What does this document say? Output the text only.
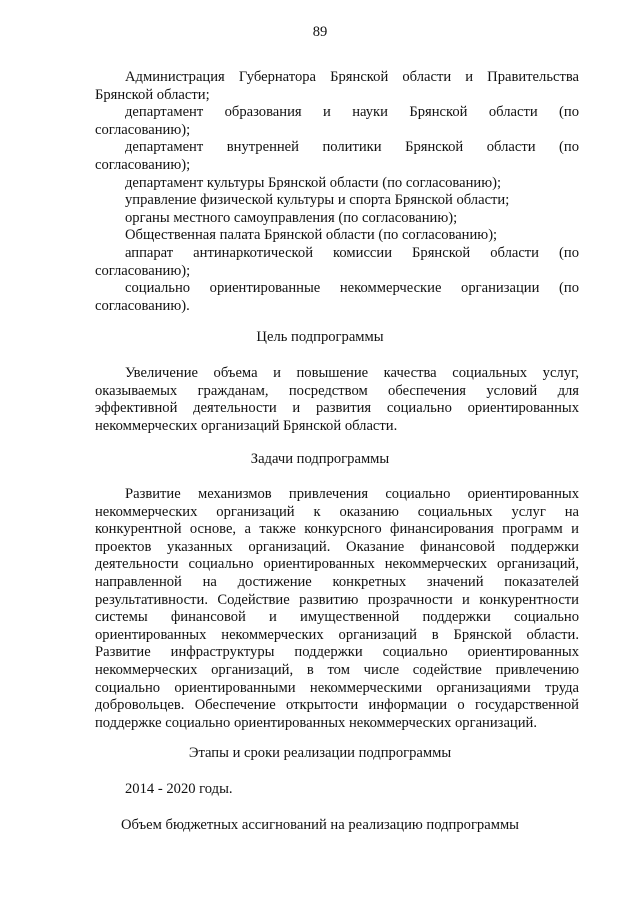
89
Администрация Губернатора Брянской области и Правительства
Брянской области;
департамент образования и науки Брянской области (по
согласованию);
департамент внутренней политики Брянской области (по
согласованию);
департамент культуры Брянской области (по согласованию);
управление физической культуры и спорта Брянской области;
органы местного самоуправления (по согласованию);
Общественная палата Брянской области (по согласованию);
аппарат антинаркотической комиссии Брянской области (по
согласованию);
социально ориентированные некоммерческие организации (по
согласованию).
Цель подпрограммы
Увеличение объема и повышение качества социальных услуг,
оказываемых гражданам, посредством обеспечения условий для
эффективной деятельности и развития социально ориентированных
некоммерческих организаций Брянской области.
Задачи подпрограммы
Развитие механизмов привлечения социально ориентированных
некоммерческих организаций к оказанию социальных услуг на
конкурентной основе, а также конкурсного финансирования программ и
проектов указанных организаций. Оказание финансовой поддержки
деятельности социально ориентированных некоммерческих организаций,
направленной на достижение конкретных значений показателей
результативности. Содействие развитию прозрачности и конкурентности
системы финансовой и имущественной поддержки социально
ориентированных некоммерческих организаций в Брянской области.
Развитие инфраструктуры поддержки социально ориентированных
некоммерческих организаций, в том числе содействие привлечению
социально ориентированными некоммерческими организациями труда
добровольцев. Обеспечение открытости информации о государственной
поддержке социально ориентированных некоммерческих организаций.
Этапы и сроки реализации подпрограммы
2014 - 2020 годы.
Объем бюджетных ассигнований на реализацию подпрограммы
